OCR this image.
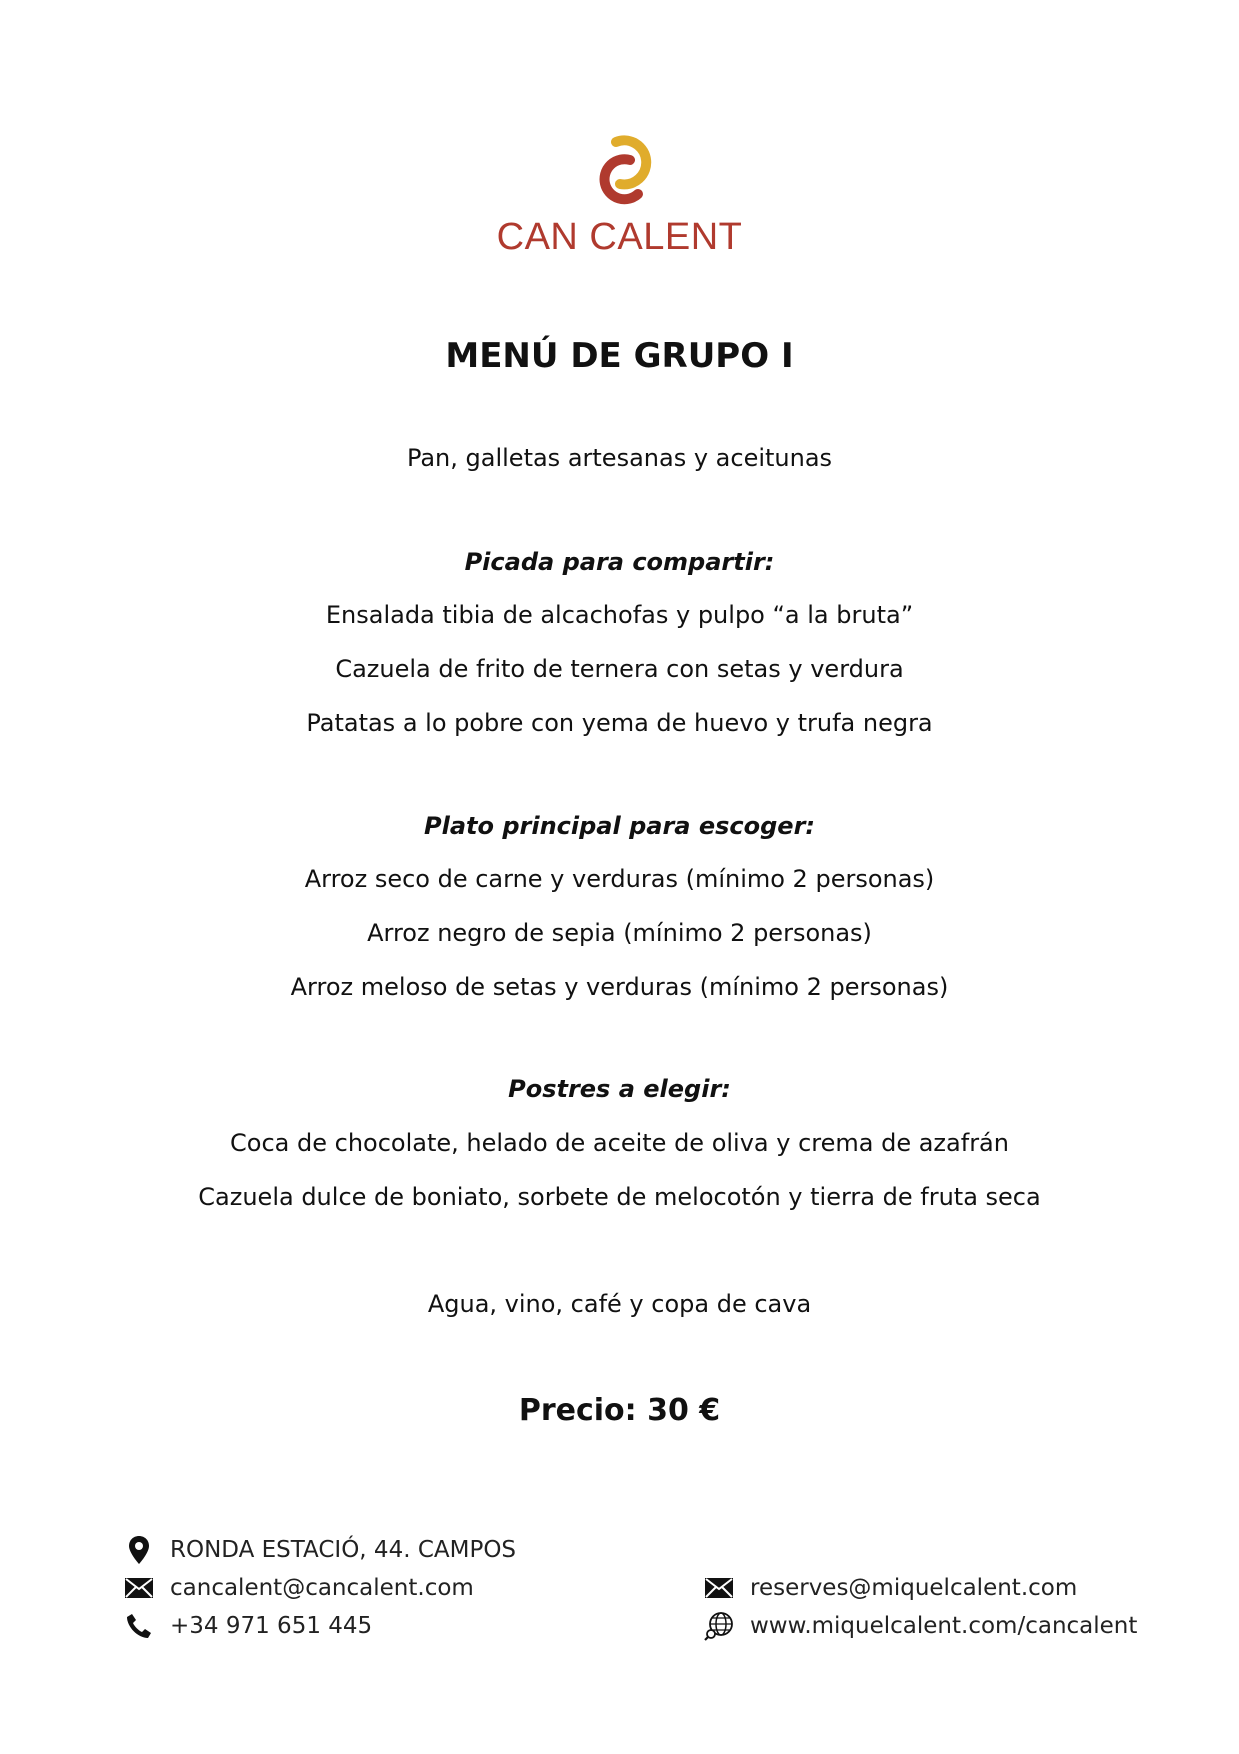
CAN CALENT
MENÚ DE GRUPO I
Pan, galletas artesanas y aceitunas
Picada para compartir:
Ensalada tibia de alcachofas y pulpo “a la bruta”
Cazuela de frito de ternera con setas y verdura
Patatas a lo pobre con yema de huevo y trufa negra
Plato principal para escoger:
Arroz seco de carne y verduras (mínimo 2 personas)
Arroz negro de sepia (mínimo 2 personas)
Arroz meloso de setas y verduras (mínimo 2 personas)
Postres a elegir:
Coca de chocolate, helado de aceite de oliva y crema de azafrán
Cazuela dulce de boniato, sorbete de melocotón y tierra de fruta seca
Agua, vino, café y copa de cava
Precio: 30 €
RONDA ESTACIÓ, 44. CAMPOS
cancalent@cancalent.com
+34 971 651 445
reserves@miquelcalent.com
www.miquelcalent.com/cancalent
